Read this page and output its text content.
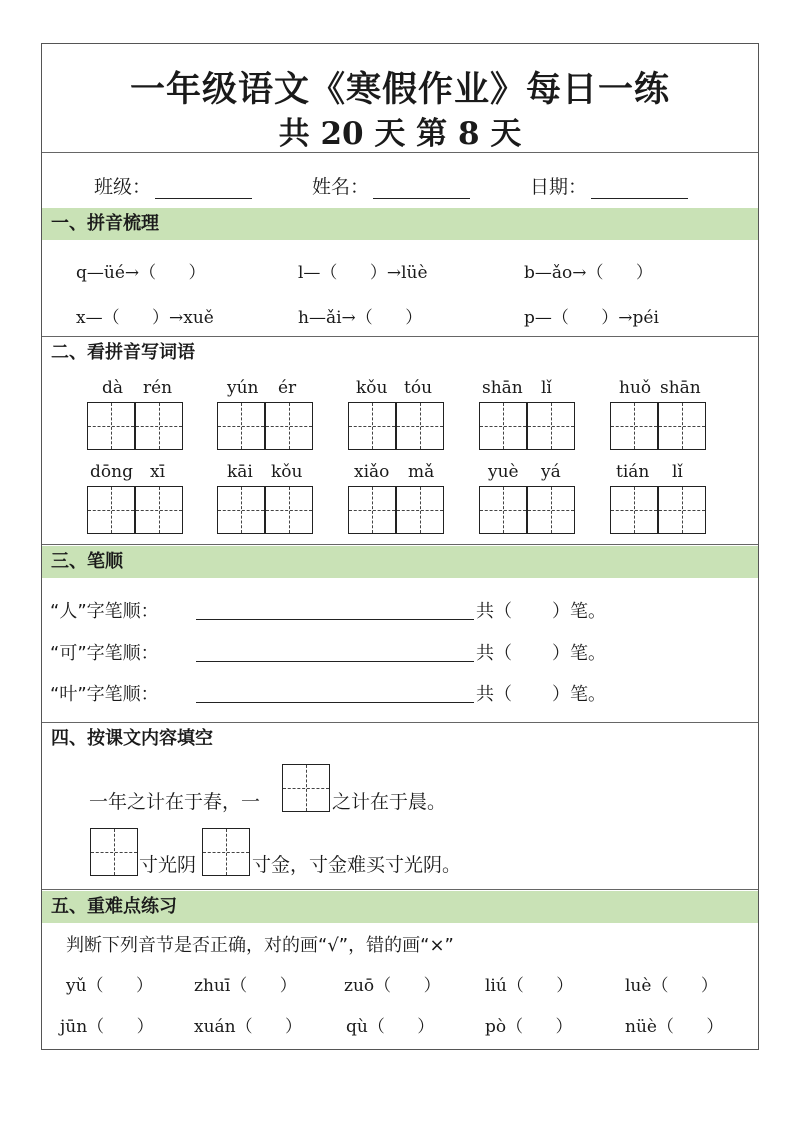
一年级语文《寒假作业》每日一练
共 20 天 第 8 天
班级：	姓名：	日期：
一、拼音梳理
q—üé→（      ）	l—（      ）→lüè	b—ǎo→（      ）
x—（      ）→xuě	h—ǎi→（      ）	p—（      ）→péi
二、看拼音写词语
dà rén	yún ér	kǒu tóu	shān lǐ	huǒ shān
dōng xī	kāi kǒu	xiǎo mǎ	yuè yá	tián lǐ
三、笔顺
“人”字笔顺：	共（       ）笔。
“可”字笔顺：	共（       ）笔。
“叶”字笔顺：	共（       ）笔。
四、按课文内容填空
一年之计在于春，一	之计在于晨。
寸光阴	寸金，寸金难买寸光阴。
五、重难点练习
判断下列音节是否正确，对的画“√”，错的画“×”
yǔ（      ） zhuī（      ）	zuō（      ）	liú（      ）	luè（      ）
jūn（      ） xuán（      ）	qù（      ）	pò（      ）	nüè（      ）
